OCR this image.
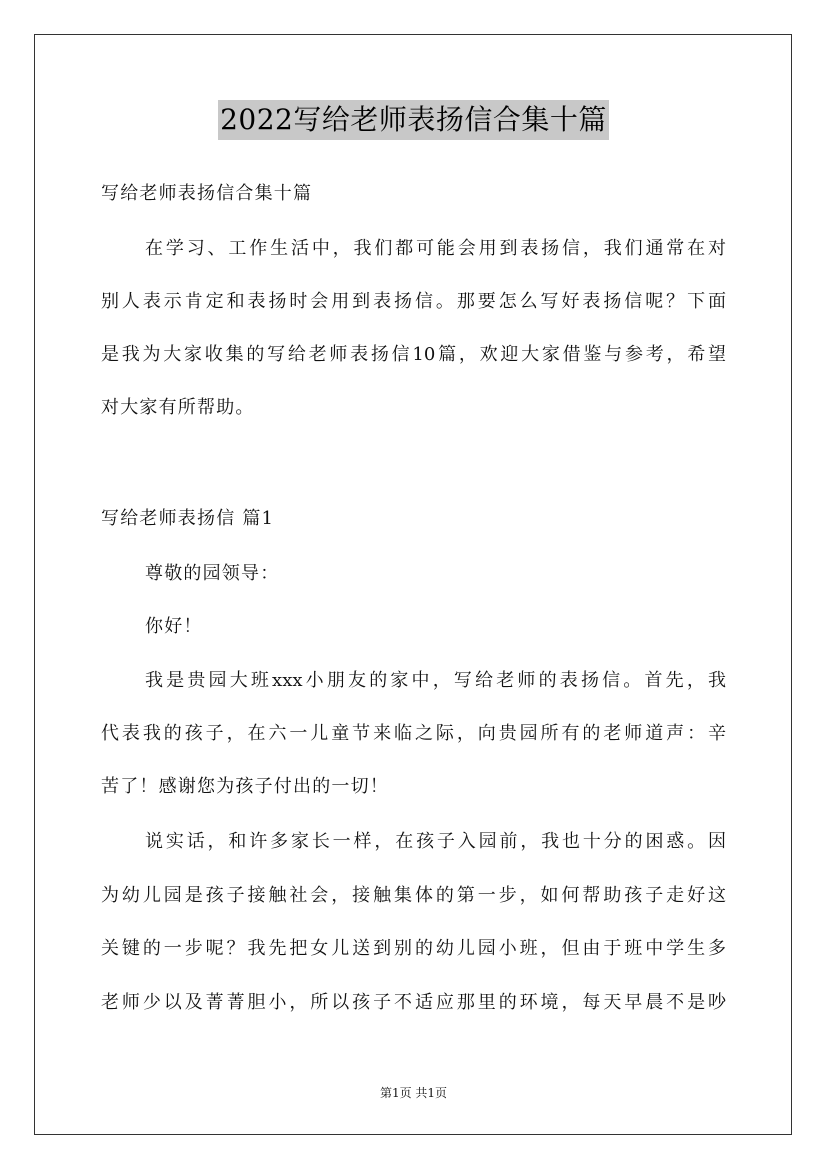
2022写给老师表扬信合集十篇
写给老师表扬信合集十篇
在学习、工作生活中，我们都可能会用到表扬信，我们通常在对
别人表示肯定和表扬时会用到表扬信。那要怎么写好表扬信呢？下面
是我为大家收集的写给老师表扬信10篇，欢迎大家借鉴与参考，希望
对大家有所帮助。
写给老师表扬信 篇1
尊敬的园领导：
你好！
我是贵园大班xxx小朋友的家中，写给老师的表扬信。首先，我
代表我的孩子，在六一儿童节来临之际，向贵园所有的老师道声：辛
苦了！感谢您为孩子付出的一切！
说实话，和许多家长一样，在孩子入园前，我也十分的困惑。因
为幼儿园是孩子接触社会，接触集体的第一步，如何帮助孩子走好这
关键的一步呢？我先把女儿送到别的幼儿园小班，但由于班中学生多
老师少以及菁菁胆小，所以孩子不适应那里的环境，每天早晨不是吵
第1页 共1页
